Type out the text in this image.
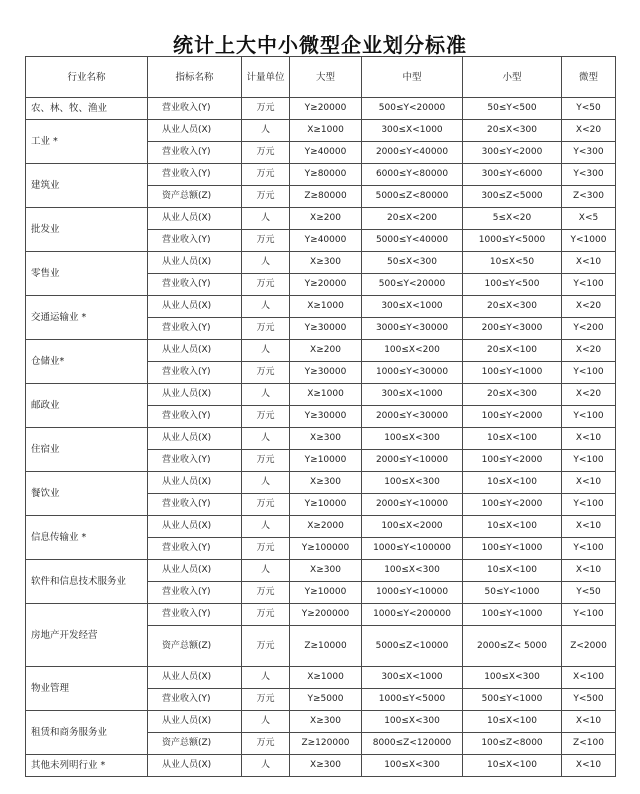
统计上大中小微型企业划分标准
行业名称	指标名称	计量单位	大型	中型	小型	微型
农、林、牧、渔业	营业收入(Y)	万元	Y≥20000	500≤Y<20000	50≤Y<500	Y<50
工业 *	从业人员(X)	人	X≥1000	300≤X<1000	20≤X<300	X<20
	营业收入(Y)	万元	Y≥40000	2000≤Y<40000	300≤Y<2000	Y<300
建筑业	营业收入(Y)	万元	Y≥80000	6000≤Y<80000	300≤Y<6000	Y<300
	资产总额(Z)	万元	Z≥80000	5000≤Z<80000	300≤Z<5000	Z<300
批发业	从业人员(X)	人	X≥200	20≤X<200	5≤X<20	X<5
	营业收入(Y)	万元	Y≥40000	5000≤Y<40000	1000≤Y<5000	Y<1000
零售业	从业人员(X)	人	X≥300	50≤X<300	10≤X<50	X<10
	营业收入(Y)	万元	Y≥20000	500≤Y<20000	100≤Y<500	Y<100
交通运输业 *	从业人员(X)	人	X≥1000	300≤X<1000	20≤X<300	X<20
	营业收入(Y)	万元	Y≥30000	3000≤Y<30000	200≤Y<3000	Y<200
仓储业*	从业人员(X)	人	X≥200	100≤X<200	20≤X<100	X<20
	营业收入(Y)	万元	Y≥30000	1000≤Y<30000	100≤Y<1000	Y<100
邮政业	从业人员(X)	人	X≥1000	300≤X<1000	20≤X<300	X<20
	营业收入(Y)	万元	Y≥30000	2000≤Y<30000	100≤Y<2000	Y<100
住宿业	从业人员(X)	人	X≥300	100≤X<300	10≤X<100	X<10
	营业收入(Y)	万元	Y≥10000	2000≤Y<10000	100≤Y<2000	Y<100
餐饮业	从业人员(X)	人	X≥300	100≤X<300	10≤X<100	X<10
	营业收入(Y)	万元	Y≥10000	2000≤Y<10000	100≤Y<2000	Y<100
信息传输业 *	从业人员(X)	人	X≥2000	100≤X<2000	10≤X<100	X<10
	营业收入(Y)	万元	Y≥100000	1000≤Y<100000	100≤Y<1000	Y<100
软件和信息技术服务业	从业人员(X)	人	X≥300	100≤X<300	10≤X<100	X<10
	营业收入(Y)	万元	Y≥10000	1000≤Y<10000	50≤Y<1000	Y<50
房地产开发经营	营业收入(Y)	万元	Y≥200000	1000≤Y<200000	100≤Y<1000	Y<100
	资产总额(Z)	万元	Z≥10000	5000≤Z<10000	2000≤Z< 5000	Z<2000
物业管理	从业人员(X)	人	X≥1000	300≤X<1000	100≤X<300	X<100
	营业收入(Y)	万元	Y≥5000	1000≤Y<5000	500≤Y<1000	Y<500
租赁和商务服务业	从业人员(X)	人	X≥300	100≤X<300	10≤X<100	X<10
	资产总额(Z)	万元	Z≥120000	8000≤Z<120000	100≤Z<8000	Z<100
其他未列明行业 *	从业人员(X)	人	X≥300	100≤X<300	10≤X<100	X<10
